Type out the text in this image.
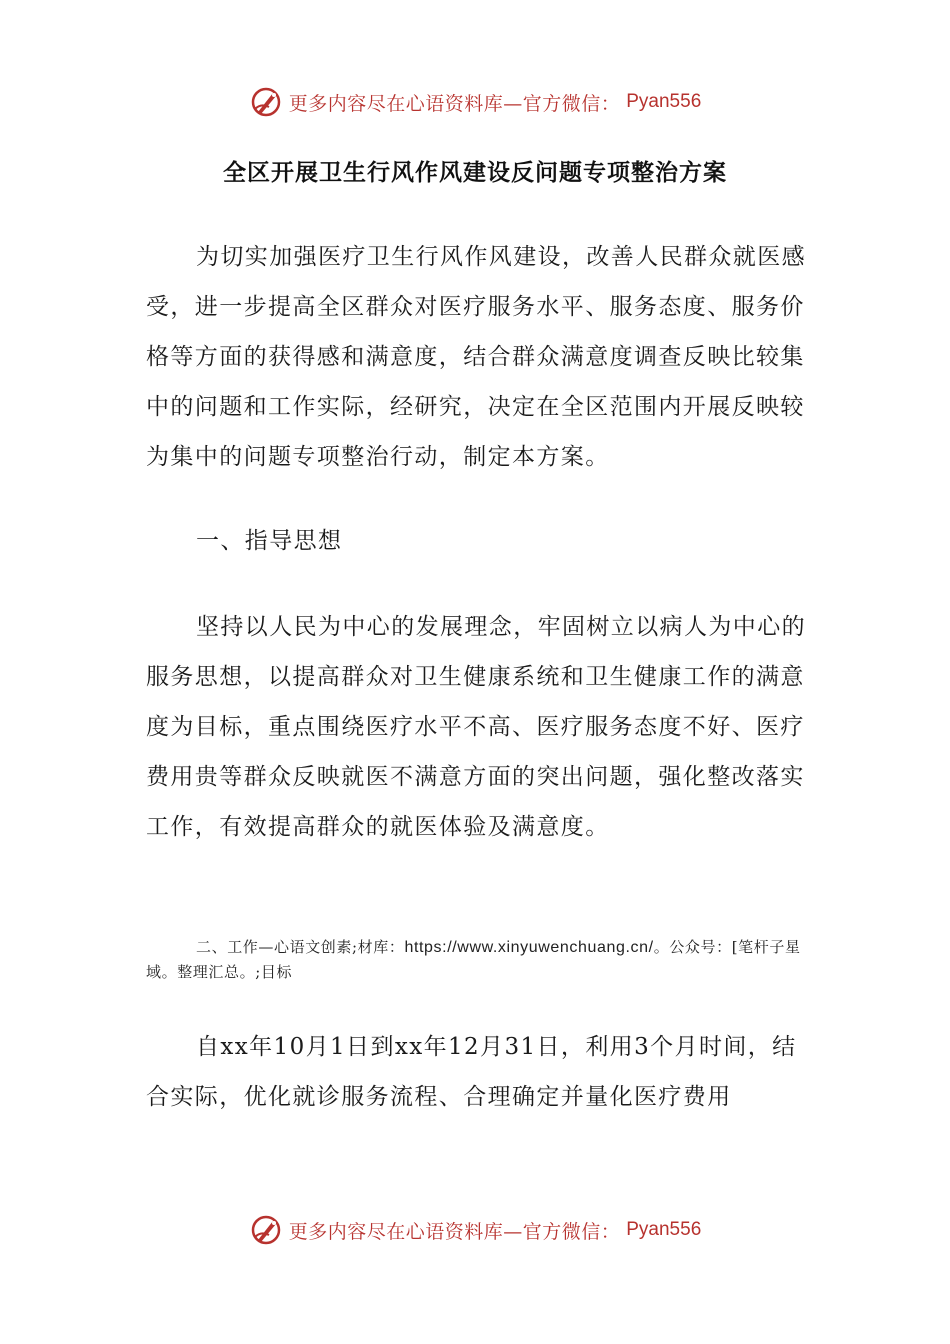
更多内容尽在心语资料库—官方微信： Pyan556
全区开展卫生行风作风建设反问题专项整治方案

为切实加强医疗卫生行风作风建设，改善人民群众就医感受，进一步提高全区群众对医疗服务水平、服务态度、服务价格等方面的获得感和满意度，结合群众满意度调查反映比较集中的问题和工作实际，经研究，决定在全区范围内开展反映较为集中的问题专项整治行动，制定本方案。

一、指导思想

坚持以人民为中心的发展理念，牢固树立以病人为中心的服务思想，以提高群众对卫生健康系统和卫生健康工作的满意度为目标，重点围绕医疗水平不高、医疗服务态度不好、医疗费用贵等群众反映就医不满意方面的突出问题，强化整改落实工作，有效提高群众的就医体验及满意度。

二、工作—心语文创素;材库：https://www.xinyuwenchuang.cn/。公众号：[笔杆子星域。整理汇总。;目标

自xx年10月1日到xx年12月31日，利用3个月时间，结合实际，优化就诊服务流程、合理确定并量化医疗费用

更多内容尽在心语资料库—官方微信： Pyan556
